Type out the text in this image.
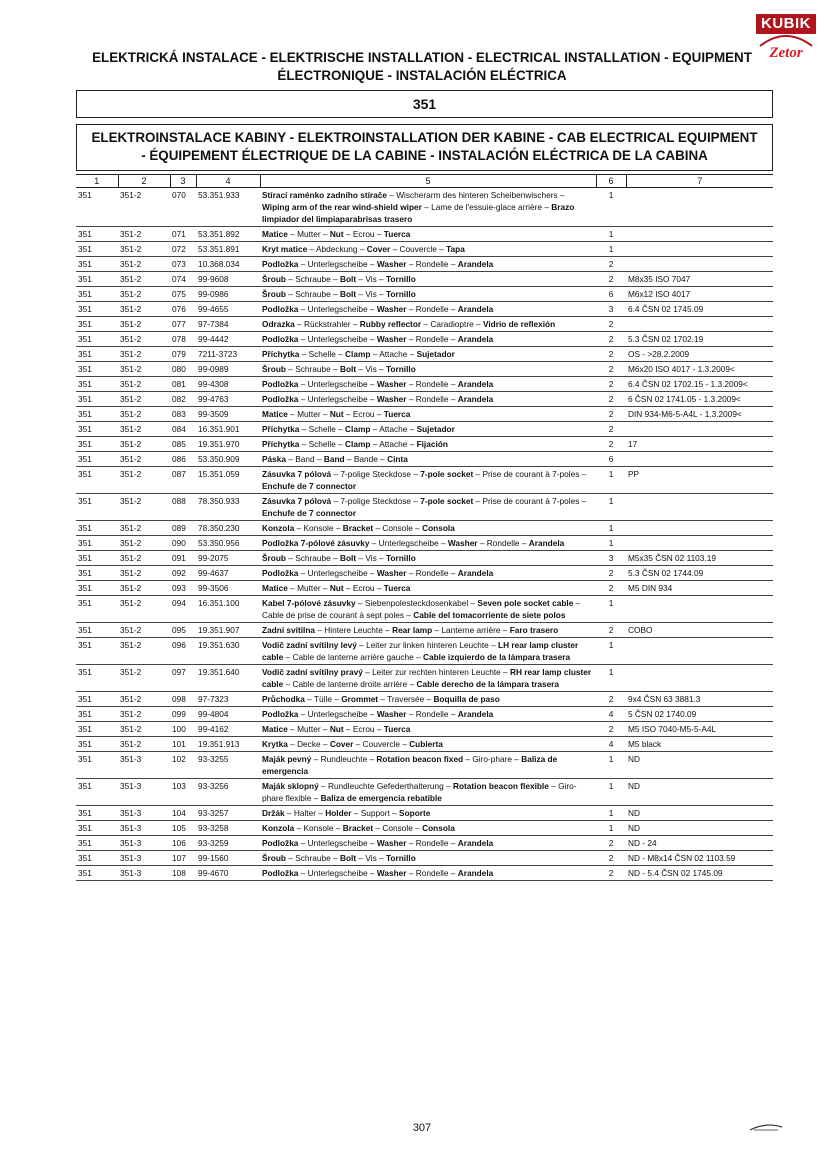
KUBIK
Zetor
ELEKTRICKÁ INSTALACE - ELEKTRISCHE INSTALLATION - ELECTRICAL INSTALLATION - EQUIPMENT
ÉLECTRONIQUE - INSTALACIÓN ELÉCTRICA
351
ELEKTROINSTALACE KABINY - ELEKTROINSTALLATION DER KABINE - CAB ELECTRICAL EQUIPMENT
- ÉQUIPEMENT ÉLECTRIQUE DE LA CABINE - INSTALACIÓN ELÉCTRICA DE LA CABINA
1	2	3	4	5	6	7
351	351-2	070	53.351.933	Stírací raménko zadního stírače – Wischerarm des hinteren Scheibenwischers – Wiping arm of the rear wind-shield wiper – Lame de l'essuie-glace arrière – Brazo limpiador del limpiaparabrisas trasero	1	
351	351-2	071	53.351.892	Matice – Mutter – Nut – Ecrou – Tuerca	1	
351	351-2	072	53.351.891	Kryt matice – Abdeckung – Cover – Couvercle – Tapa	1	
351	351-2	073	10.368.034	Podložka – Unterlegscheibe – Washer – Rondelle – Arandela	2	
351	351-2	074	99-9608	Šroub – Schraube – Bolt – Vis – Tornillo	2	M8x35 ISO 7047
351	351-2	075	99-0986	Šroub – Schraube – Bolt – Vis – Tornillo	6	M6x12 ISO 4017
351	351-2	076	99-4655	Podložka – Unterlegscheibe – Washer – Rondelle – Arandela	3	6.4 ČSN 02 1745.09
351	351-2	077	97-7384	Odrazka – Rückstrahler – Rubby reflector – Caradioptre – Vidrio de reflexión	2	
351	351-2	078	99-4442	Podložka – Unterlegscheibe – Washer – Rondelle – Arandela	2	5.3 ČSN 02 1702.19
351	351-2	079	7211-3723	Příchytka – Schelle – Clamp – Attache – Sujetador	2	OS - >28.2.2009
351	351-2	080	99-0989	Šroub – Schraube – Bolt – Vis – Tornillo	2	M6x20 ISO 4017 - 1.3.2009<
351	351-2	081	99-4308	Podložka – Unterlegscheibe – Washer – Rondelle – Arandela	2	6.4 ČSN 02 1702.15 - 1.3.2009<
351	351-2	082	99-4763	Podložka – Unterlegscheibe – Washer – Rondelle – Arandela	2	6 ČSN 02 1741.05 - 1.3.2009<
351	351-2	083	99-3509	Matice – Mutter – Nut – Ecrou – Tuerca	2	DIN 934-M6-5-A4L - 1.3.2009<
351	351-2	084	16.351.901	Příchytka – Schelle – Clamp – Attache – Sujetador	2	
351	351-2	085	19.351.970	Příchytka – Schelle – Clamp – Attache – Fijación	2	17
351	351-2	086	53.350.909	Páska – Band – Band – Bande – Cinta	6	
351	351-2	087	15.351.059	Zásuvka 7 pólová – 7-polige Steckdose – 7-pole socket – Prise de courant à 7-poles – Enchufe de 7 connector	1	PP
351	351-2	088	78.350.933	Zásuvka 7 pólová – 7-polige Steckdose – 7-pole socket – Prise de courant à 7-poles – Enchufe de 7 connector	1	
351	351-2	089	78.350.230	Konzola – Konsole – Bracket – Console – Consola	1	
351	351-2	090	53.350.956	Podložka 7-pólové zásuvky – Unterlegscheibe – Washer – Rondelle – Arandela	1	
351	351-2	091	99-2075	Šroub – Schraube – Bolt – Vis – Tornillo	3	M5x35 ČSN 02 1103.19
351	351-2	092	99-4637	Podložka – Unterlegscheibe – Washer – Rondelle – Arandela	2	5.3 ČSN 02 1744.09
351	351-2	093	99-3506	Matice – Mutter – Nut – Ecrou – Tuerca	2	M5 DIN 934
351	351-2	094	16.351.100	Kabel 7-pólové zásuvky – Siebenpolesteckdosenkabel – Seven pole socket cable – Cable de prise de courant à sept poles – Cable del tomacorriente de siete polos	1	
351	351-2	095	19.351.907	Zadní svítilna – Hintere Leuchte – Rear lamp – Lanterne arrière – Faro trasero	2	COBO
351	351-2	096	19.351.630	Vodič zadní svítilny levý – Leiter zur linken hinteren Leuchte – LH rear lamp cluster cable – Cable de lanterne arrière gauche – Cable izquierdo de la lámpara trasera	1	
351	351-2	097	19.351.640	Vodič zadní svítilny pravý – Leiter zur rechten hinteren Leuchte – RH rear lamp cluster cable – Cable de lanterne droite arrière – Cable derecho de la lámpara trasera	1	
351	351-2	098	97-7323	Průchodka – Tülle – Grommet – Traversée – Boquilla de paso	2	9x4 ČSN 63 3881.3
351	351-2	099	99-4804	Podložka – Unterlegscheibe – Washer – Rondelle – Arandela	4	5 ČSN 02 1740.09
351	351-2	100	99-4162	Matice – Mutter – Nut – Ecrou – Tuerca	2	M5 ISO 7040-M5-5-A4L
351	351-2	101	19.351.913	Krytka – Decke – Cover – Couvercle – Cubierta	4	M5 black
351	351-3	102	93-3255	Maják pevný – Rundleuchte – Rotation beacon fixed – Giro-phare – Baliza de emergencia	1	ND
351	351-3	103	93-3256	Maják sklopný – Rundleuchte Gefederthalterung – Rotation beacon flexible – Giro-phare flexible – Baliza de emergencia rebatible	1	ND
351	351-3	104	93-3257	Držák – Halter – Holder – Support – Soporte	1	ND
351	351-3	105	93-3258	Konzola – Konsole – Bracket – Console – Consola	1	ND
351	351-3	106	93-3259	Podložka – Unterlegscheibe – Washer – Rondelle – Arandela	2	ND - 24
351	351-3	107	99-1560	Šroub – Schraube – Bolt – Vis – Tornillo	2	ND - M8x14 ČSN 02 1103.59
351	351-3	108	99-4670	Podložka – Unterlegscheibe – Washer – Rondelle – Arandela	2	ND - 5.4 ČSN 02 1745.09
307
